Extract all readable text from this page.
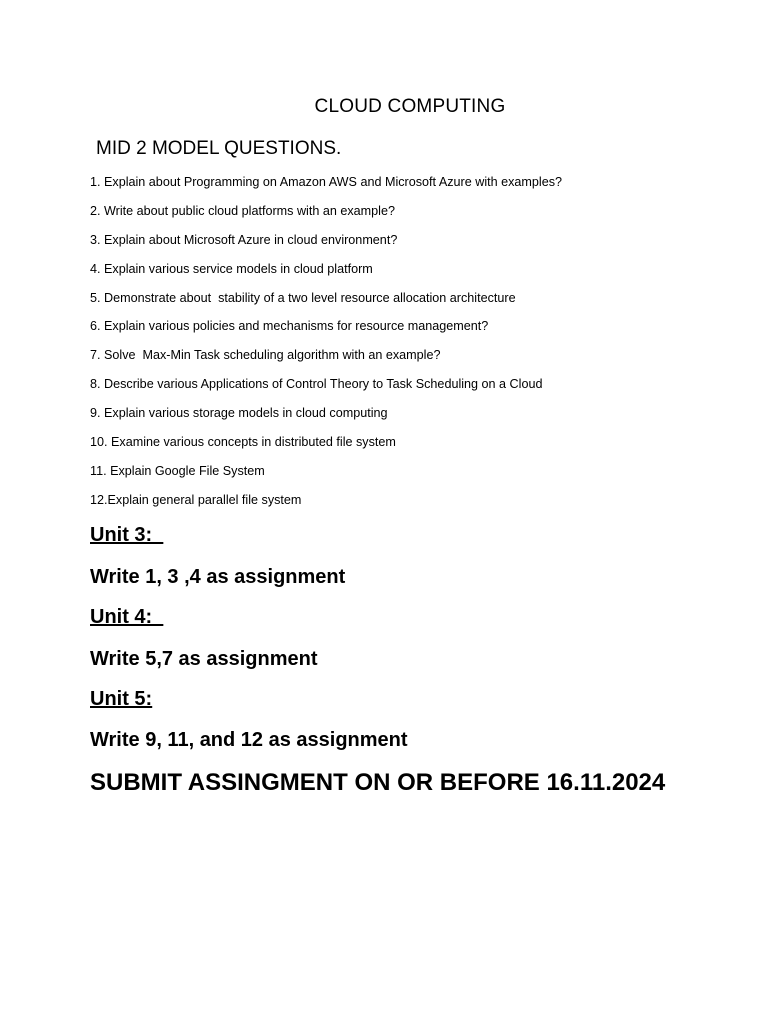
CLOUD COMPUTING
MID 2 MODEL QUESTIONS.
1. Explain about Programming on Amazon AWS and Microsoft Azure with examples?
2. Write about public cloud platforms with an example?
3. Explain about Microsoft Azure in cloud environment?
4. Explain various service models in cloud platform
5. Demonstrate about  stability of a two level resource allocation architecture
6. Explain various policies and mechanisms for resource management?
7. Solve  Max-Min Task scheduling algorithm with an example?
8. Describe various Applications of Control Theory to Task Scheduling on a Cloud
9. Explain various storage models in cloud computing
10. Examine various concepts in distributed file system
11. Explain Google File System
12.Explain general parallel file system
Unit 3:
Write 1, 3 ,4 as assignment
Unit 4:
Write 5,7 as assignment
Unit 5:
Write 9, 11, and 12 as assignment
SUBMIT ASSINGMENT ON OR BEFORE 16.11.2024
